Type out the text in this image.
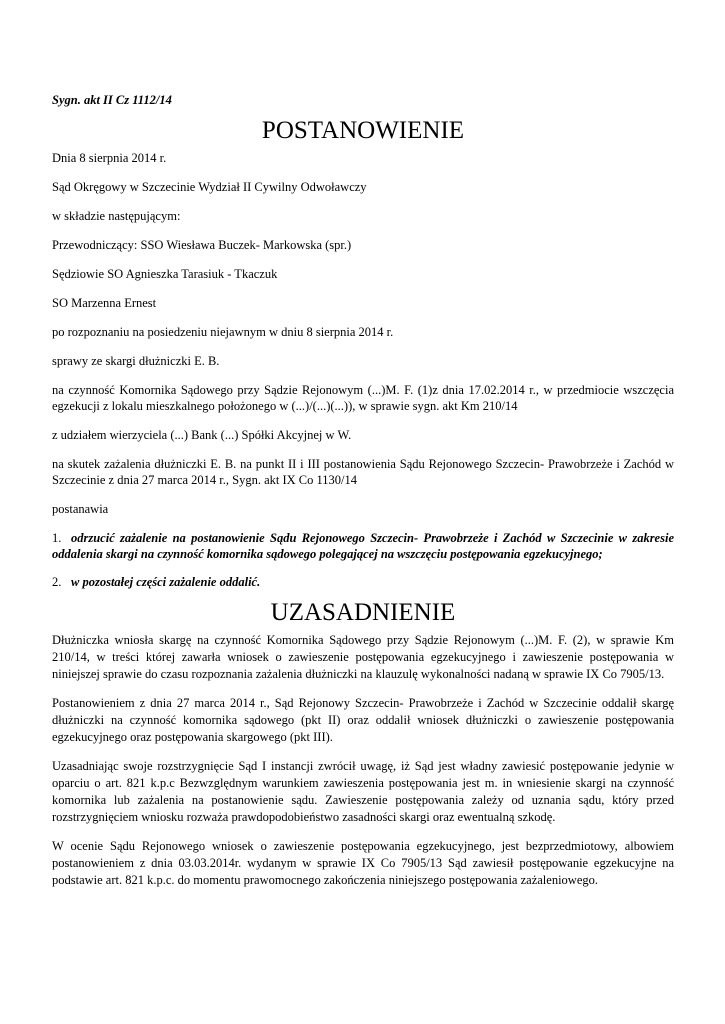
Sygn. akt II Cz 1112/14

POSTANOWIENIE

Dnia 8 sierpnia 2014 r.

Sąd Okręgowy w Szczecinie Wydział II Cywilny Odwoławczy

w składzie następującym:

Przewodniczący: SSO Wiesława Buczek- Markowska (spr.)

Sędziowie SO Agnieszka Tarasiuk - Tkaczuk

SO Marzenna Ernest

po rozpoznaniu na posiedzeniu niejawnym w dniu 8 sierpnia 2014 r.

sprawy ze skargi dłużniczki E. B.

na czynność Komornika Sądowego przy Sądzie Rejonowym (...)M. F. (1)z dnia 17.02.2014 r., w przedmiocie wszczęcia egzekucji z lokalu mieszkalnego położonego w (...)/(...)(...)), w sprawie sygn. akt Km 210/14

z udziałem wierzyciela (...) Bank (...) Spółki Akcyjnej w W.

na skutek zażalenia dłużniczki E. B. na punkt II i III postanowienia Sądu Rejonowego Szczecin- Prawobrzeże i Zachód w Szczecinie z dnia 27 marca 2014 r., Sygn. akt IX Co 1130/14

postanawia

1. odrzucić zażalenie na postanowienie Sądu Rejonowego Szczecin- Prawobrzeże i Zachód w Szczecinie w zakresie oddalenia skargi na czynność komornika sądowego polegającej na wszczęciu postępowania egzekucyjnego;

2. w pozostałej części zażalenie oddalić.

UZASADNIENIE

Dłużniczka wniosła skargę na czynność Komornika Sądowego przy Sądzie Rejonowym (...)M. F. (2), w sprawie Km 210/14, w treści której zawarła wniosek o zawieszenie postępowania egzekucyjnego i zawieszenie postępowania w niniejszej sprawie do czasu rozpoznania zażalenia dłużniczki na klauzulę wykonalności nadaną w sprawie IX Co 7905/13.

Postanowieniem z dnia 27 marca 2014 r., Sąd Rejonowy Szczecin- Prawobrzeże i Zachód w Szczecinie oddalił skargę dłużniczki na czynność komornika sądowego (pkt II) oraz oddalił wniosek dłużniczki o zawieszenie postępowania egzekucyjnego oraz postępowania skargowego (pkt III).

Uzasadniając swoje rozstrzygnięcie Sąd I instancji zwrócił uwagę, iż Sąd jest władny zawiesić postępowanie jedynie w oparciu o art. 821 k.p.c Bezwzględnym warunkiem zawieszenia postępowania jest m. in wniesienie skargi na czynność komornika lub zażalenia na postanowienie sądu. Zawieszenie postępowania zależy od uznania sądu, który przed rozstrzygnięciem wniosku rozważa prawdopodobieństwo zasadności skargi oraz ewentualną szkodę.

W ocenie Sądu Rejonowego wniosek o zawieszenie postępowania egzekucyjnego, jest bezprzedmiotowy, albowiem postanowieniem z dnia 03.03.2014r. wydanym w sprawie IX Co 7905/13 Sąd zawiesił postępowanie egzekucyjne na podstawie art. 821 k.p.c. do momentu prawomocnego zakończenia niniejszego postępowania zażaleniowego.
